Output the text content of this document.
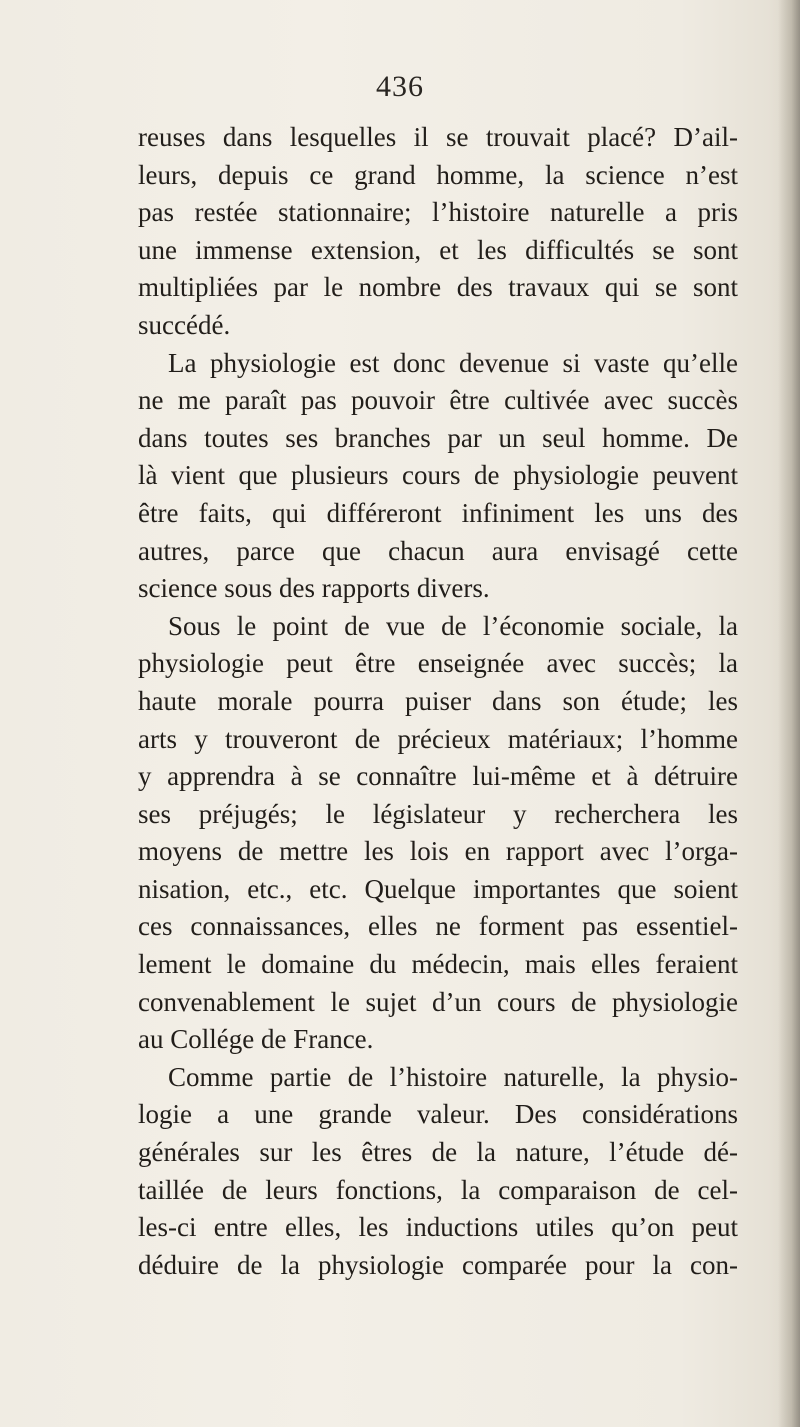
436
reuses dans lesquelles il se trouvait placé? D’ail-
leurs, depuis ce grand homme, la science n’est
pas restée stationnaire; l’histoire naturelle a pris
une immense extension, et les difficultés se sont
multipliées par le nombre des travaux qui se sont
succédé.
La physiologie est donc devenue si vaste qu’elle
ne me paraît pas pouvoir être cultivée avec succès
dans toutes ses branches par un seul homme. De
là vient que plusieurs cours de physiologie peuvent
être faits, qui différeront infiniment les uns des
autres, parce que chacun aura envisagé cette
science sous des rapports divers.
Sous le point de vue de l’économie sociale, la
physiologie peut être enseignée avec succès; la
haute morale pourra puiser dans son étude; les
arts y trouveront de précieux matériaux; l’homme
y apprendra à se connaître lui-même et à détruire
ses préjugés; le législateur y recherchera les
moyens de mettre les lois en rapport avec l’orga-
nisation, etc., etc. Quelque importantes que soient
ces connaissances, elles ne forment pas essentiel-
lement le domaine du médecin, mais elles feraient
convenablement le sujet d’un cours de physiologie
au Collége de France.
Comme partie de l’histoire naturelle, la physio-
logie a une grande valeur. Des considérations
générales sur les êtres de la nature, l’étude dé-
taillée de leurs fonctions, la comparaison de cel-
les-ci entre elles, les inductions utiles qu’on peut
déduire de la physiologie comparée pour la con-
